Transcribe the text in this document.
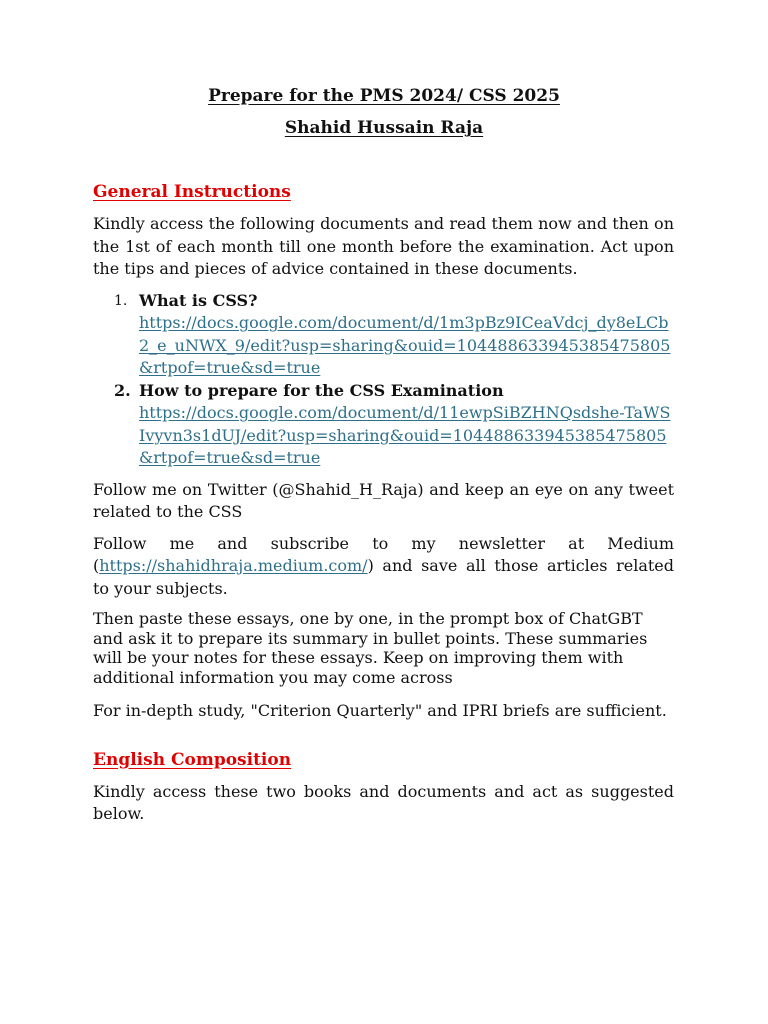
Prepare for the PMS 2024/ CSS 2025
Shahid Hussain Raja
General Instructions

Kindly access the following documents and read them now and then on the 1st of each month till one month before the examination. Act upon the tips and pieces of advice contained in these documents.

1. What is CSS?
https://docs.google.com/document/d/1m3pBz9ICeaVdcj_dy8eLCb2_e_uNWX_9/edit?usp=sharing&ouid=104488633945385475805&rtpof=true&sd=true
2. How to prepare for the CSS Examination
https://docs.google.com/document/d/11ewpSiBZHNQsdshe-TaWSIvyvn3s1dUJ/edit?usp=sharing&ouid=104488633945385475805&rtpof=true&sd=true

Follow me on Twitter (@Shahid_H_Raja) and keep an eye on any tweet related to the CSS

Follow me and subscribe to my newsletter at Medium (https://shahidhraja.medium.com/) and save all those articles related to your subjects.

Then paste these essays, one by one, in the prompt box of ChatGBT and ask it to prepare its summary in bullet points. These summaries will be your notes for these essays. Keep on improving them with additional information you may come across

For in-depth study, "Criterion Quarterly" and IPRI briefs are sufficient.

English Composition

Kindly access these two books and documents and act as suggested below.
